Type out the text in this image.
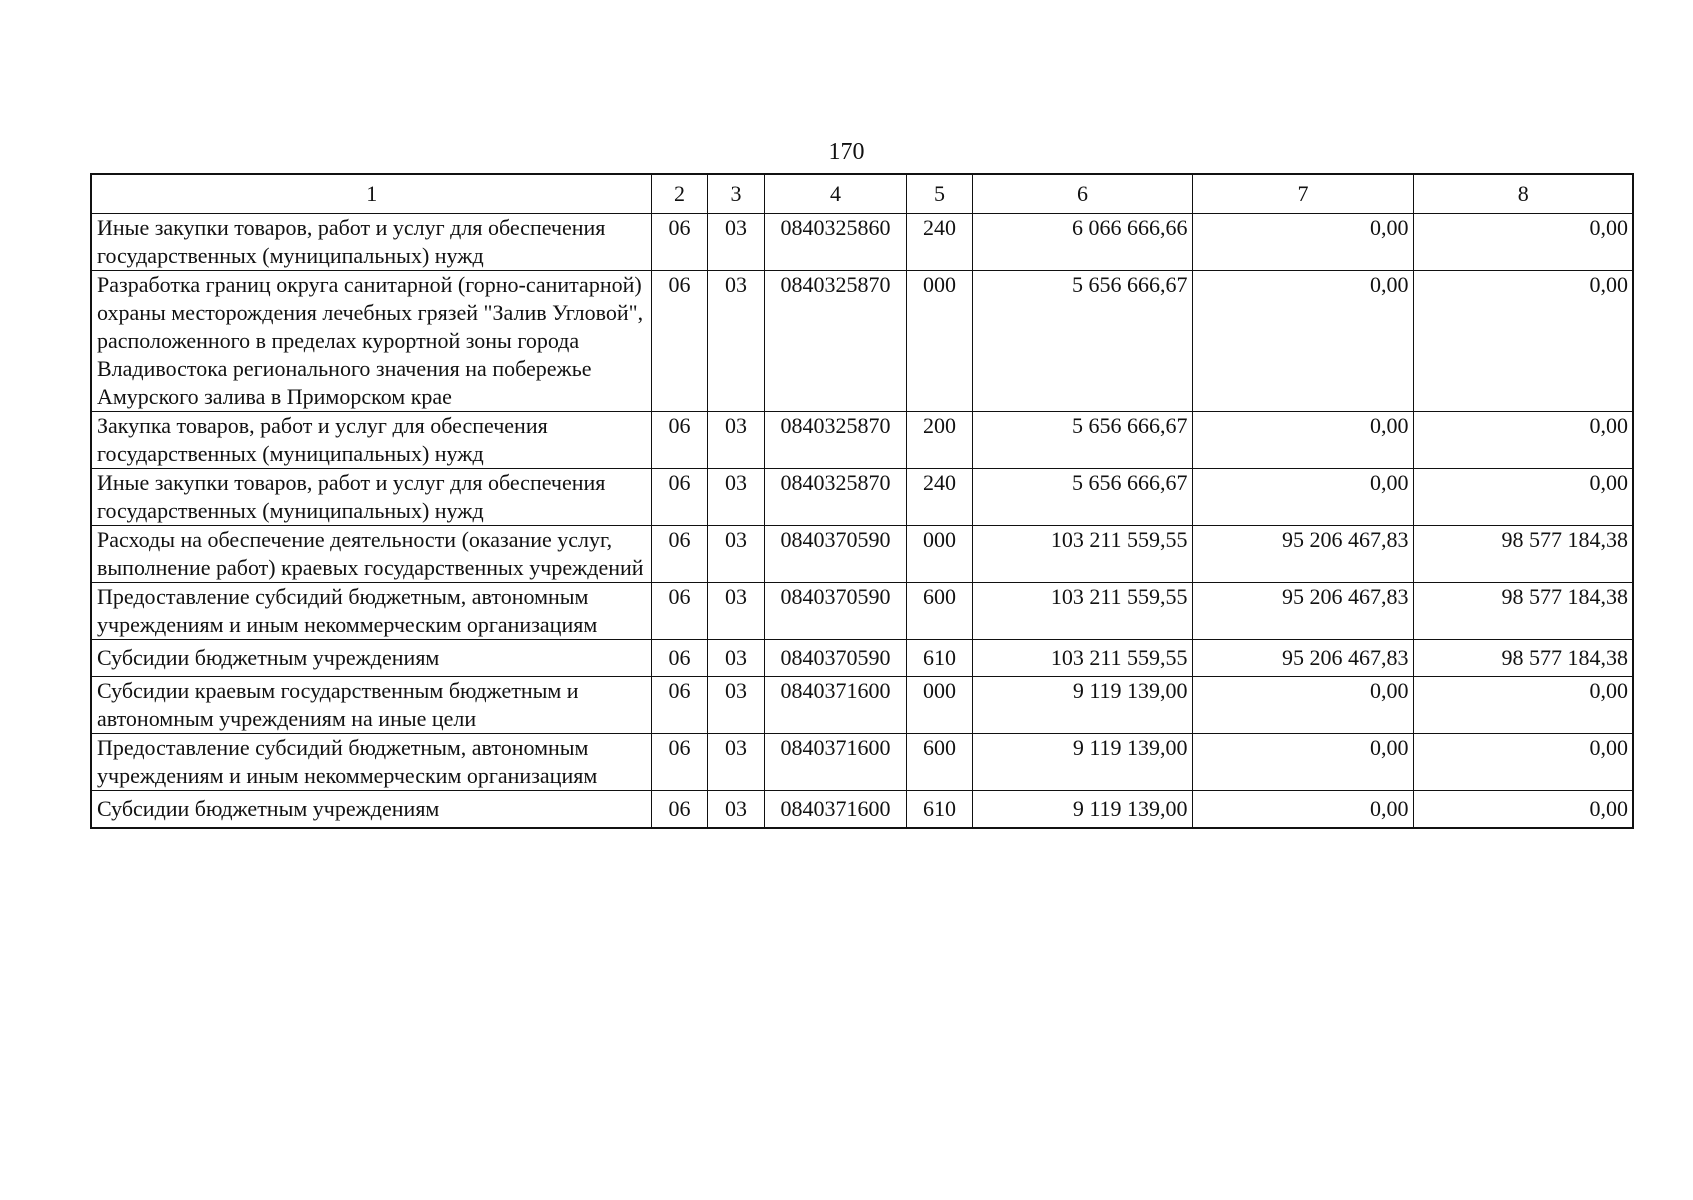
170
1	2	3	4	5	6	7	8
Иные закупки товаров, работ и услуг для обеспечения государственных (муниципальных) нужд	06	03	0840325860	240	6 066 666,66	0,00	0,00
Разработка границ округа санитарной (горно-санитарной) охраны месторождения лечебных грязей "Залив Угловой", расположенного в пределах курортной зоны города Владивостока регионального значения на побережье Амурского залива в Приморском крае	06	03	0840325870	000	5 656 666,67	0,00	0,00
Закупка товаров, работ и услуг для обеспечения государственных (муниципальных) нужд	06	03	0840325870	200	5 656 666,67	0,00	0,00
Иные закупки товаров, работ и услуг для обеспечения государственных (муниципальных) нужд	06	03	0840325870	240	5 656 666,67	0,00	0,00
Расходы на обеспечение деятельности (оказание услуг, выполнение работ) краевых государственных учреждений	06	03	0840370590	000	103 211 559,55	95 206 467,83	98 577 184,38
Предоставление субсидий бюджетным, автономным учреждениям и иным некоммерческим организациям	06	03	0840370590	600	103 211 559,55	95 206 467,83	98 577 184,38
Субсидии бюджетным учреждениям	06	03	0840370590	610	103 211 559,55	95 206 467,83	98 577 184,38
Субсидии краевым государственным бюджетным и автономным учреждениям на иные цели	06	03	0840371600	000	9 119 139,00	0,00	0,00
Предоставление субсидий бюджетным, автономным учреждениям и иным некоммерческим организациям	06	03	0840371600	600	9 119 139,00	0,00	0,00
Субсидии бюджетным учреждениям	06	03	0840371600	610	9 119 139,00	0,00	0,00
